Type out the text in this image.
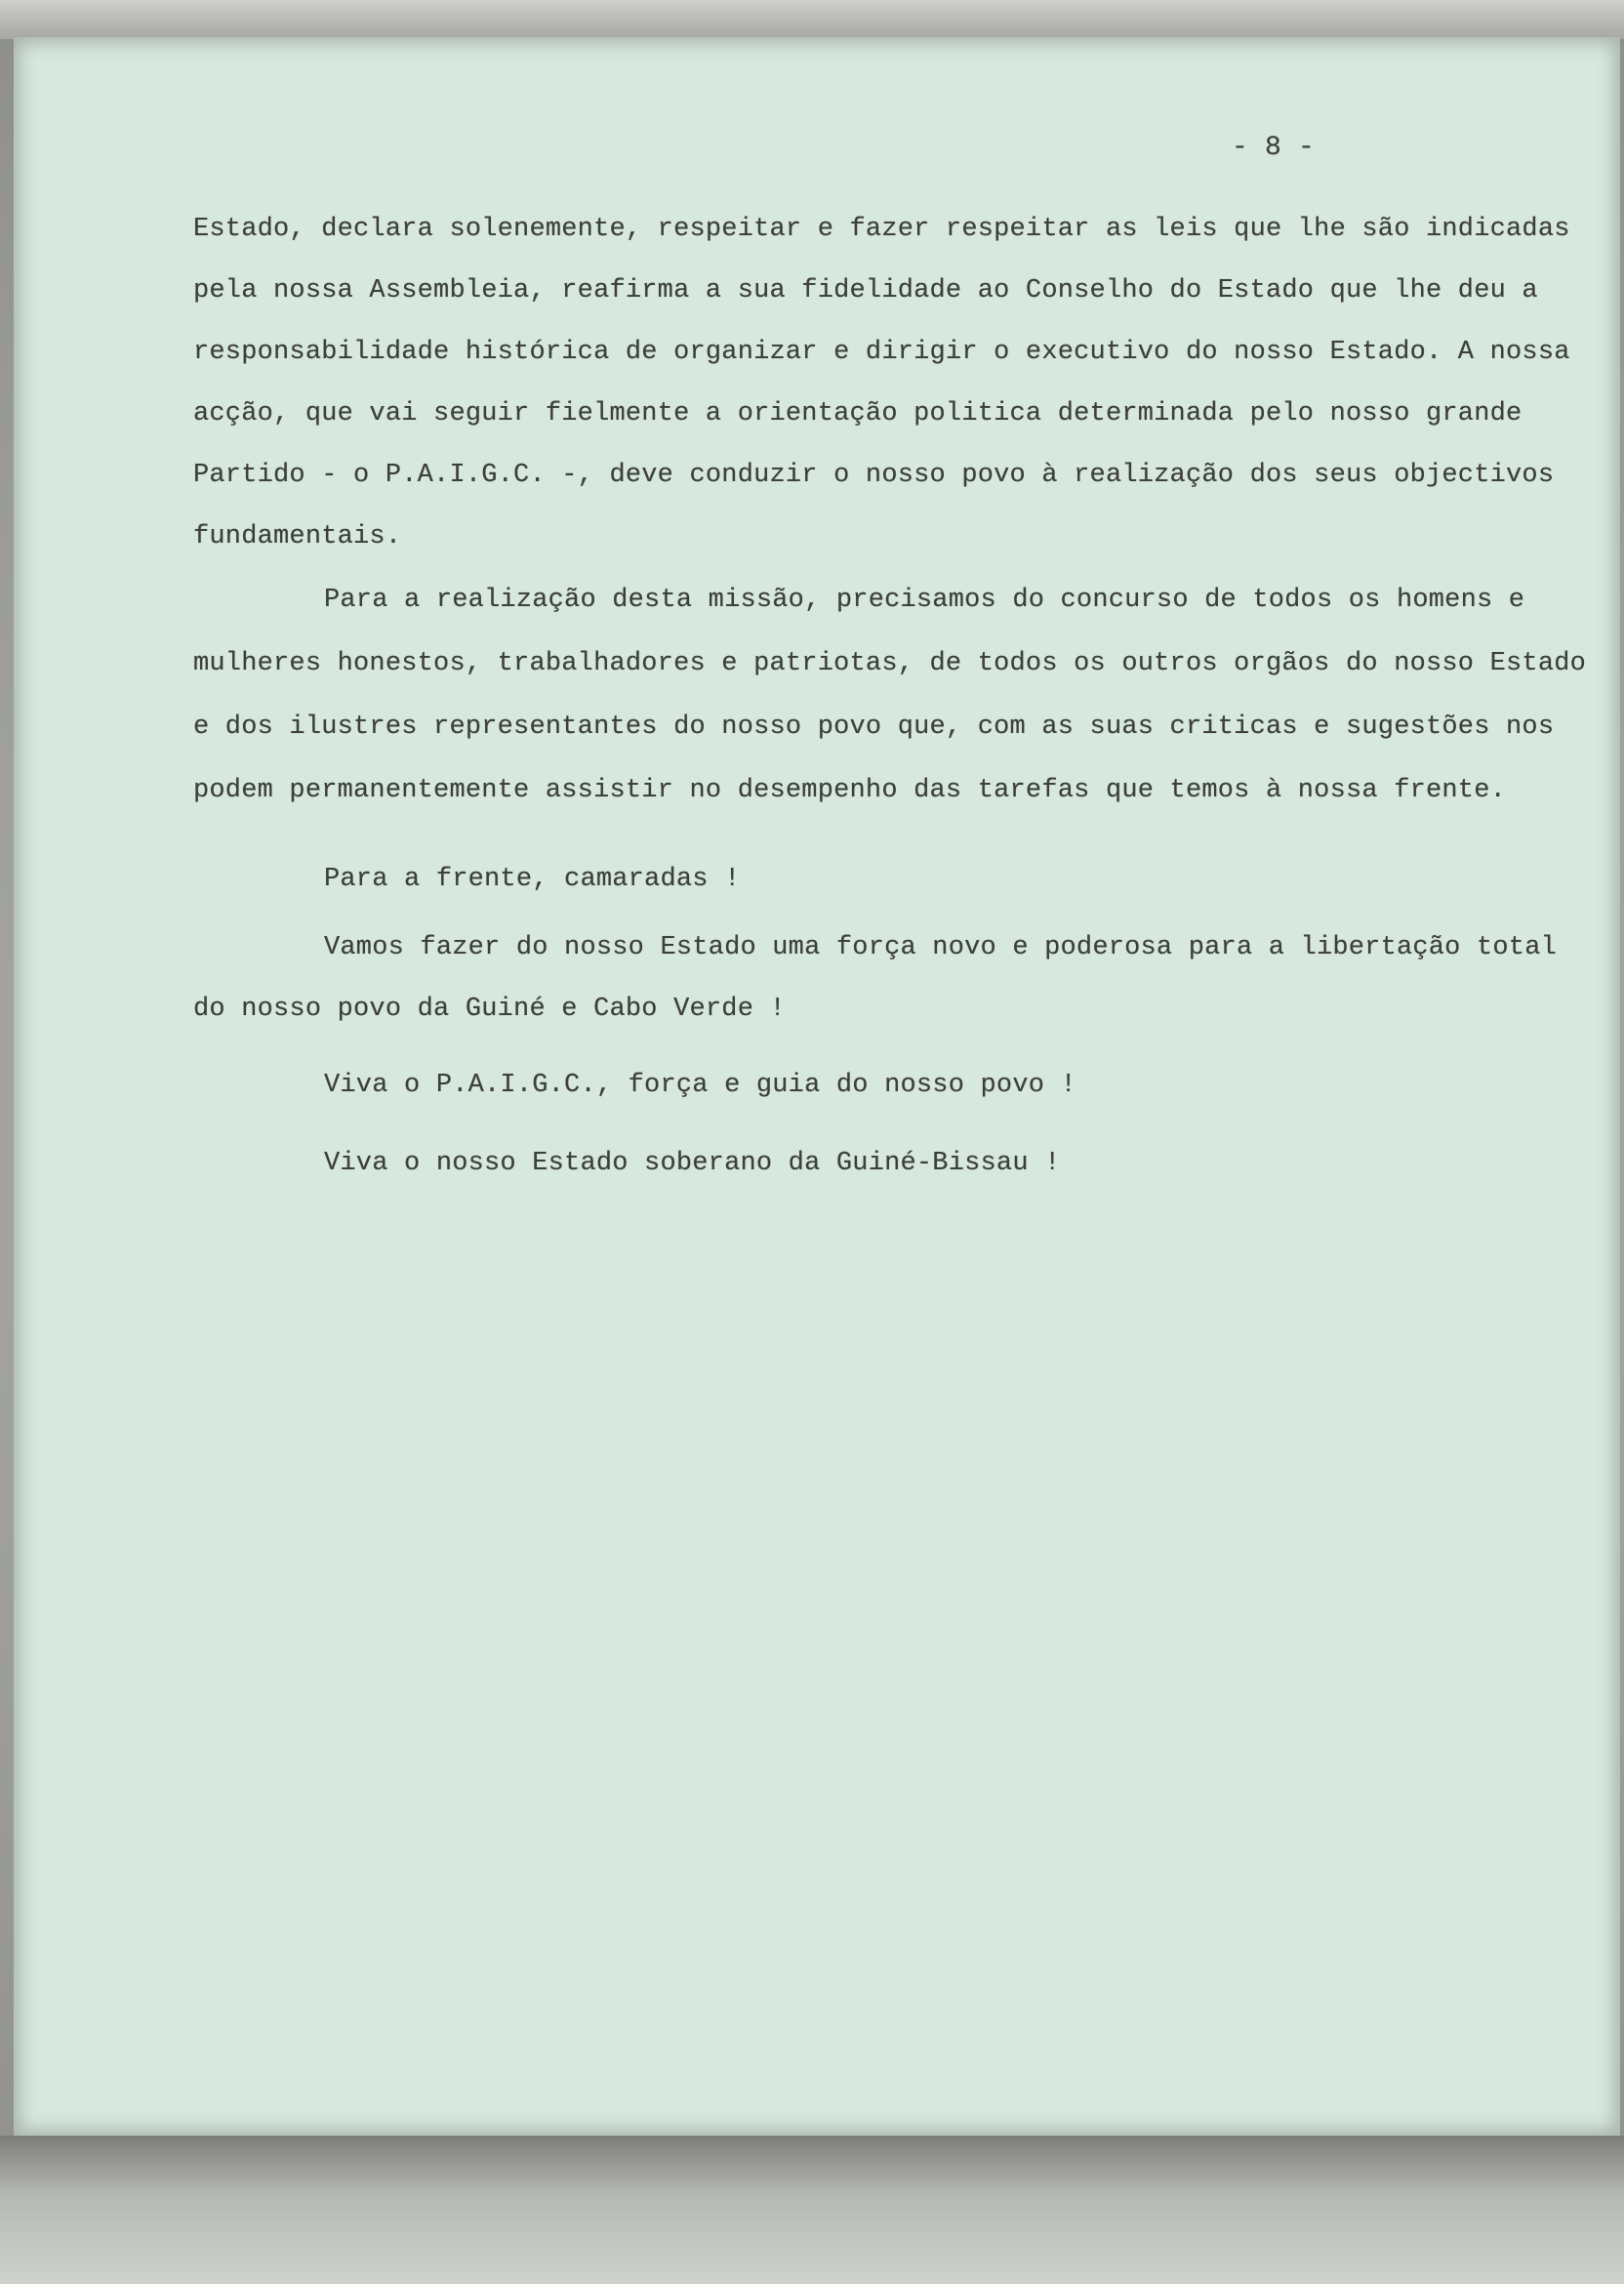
- 8 -
Estado, declara solenemente, respeitar e fazer respeitar as leis que lhe são indicadas
pela nossa Assembleia, reafirma a sua fidelidade ao Conselho do Estado que lhe deu a
responsabilidade histórica de organizar e dirigir o executivo do nosso Estado. A nossa
acção, que vai seguir fielmente a orientação politica determinada pelo nosso grande
Partido - o P.A.I.G.C. -, deve conduzir o nosso povo à realização dos seus objectivos
fundamentais.
Para a realização desta missão, precisamos do concurso de todos os homens e
mulheres honestos, trabalhadores e patriotas, de todos os outros orgãos do nosso Estado
e dos ilustres representantes do nosso povo que, com as suas criticas e sugestões nos
podem permanentemente assistir no desempenho das tarefas que temos à nossa frente.
Para a frente, camaradas !
Vamos fazer do nosso Estado uma força novo e poderosa para a libertação total
do nosso povo da Guiné e Cabo Verde !
Viva o P.A.I.G.C., força e guia do nosso povo !
Viva o nosso Estado soberano da Guiné-Bissau !
